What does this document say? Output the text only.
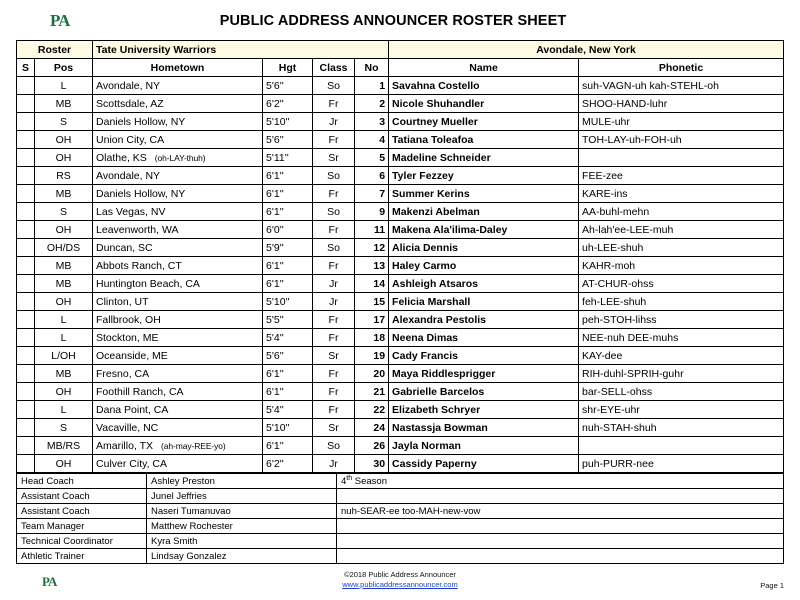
PA	PUBLIC ADDRESS ANNOUNCER ROSTER SHEET
Roster		Tate University Warriors				Avondale, New York	
S	Pos	Hometown	Hgt	Class	No	Name	Phonetic
	L	Avondale, NY	5'6''	So	1	Savahna Costello	suh-VAGN-uh kah-STEHL-oh
	MB	Scottsdale, AZ	6'2''	Fr	2	Nicole Shuhandler	SHOO-HAND-luhr
	S	Daniels Hollow, NY	5'10''	Jr	3	Courtney Mueller	MULE-uhr
	OH	Union City, CA	5'6''	Fr	4	Tatiana Toleafoa	TOH-LAY-uh-FOH-uh
	OH	Olathe, KS (oh-LAY-thuh)	5'11''	Sr	5	Madeline Schneider	
	RS	Avondale, NY	6'1''	So	6	Tyler Fezzey	FEE-zee
	MB	Daniels Hollow, NY	6'1''	Fr	7	Summer Kerins	KARE-ins
	S	Las Vegas, NV	6'1''	So	9	Makenzi Abelman	AA-buhl-mehn
	OH	Leavenworth, WA	6'0''	Fr	11	Makena Ala'ilima-Daley	Ah-lah'ee-LEE-muh
	OH/DS	Duncan, SC	5'9''	So	12	Alicia Dennis	uh-LEE-shuh
	MB	Abbots Ranch, CT	6'1''	Fr	13	Haley Carmo	KAHR-moh
	MB	Huntington Beach, CA	6'1''	Jr	14	Ashleigh Atsaros	AT-CHUR-ohss
	OH	Clinton, UT	5'10''	Jr	15	Felicia Marshall	feh-LEE-shuh
	L	Fallbrook, OH	5'5''	Fr	17	Alexandra Pestolis	peh-STOH-lihss
	L	Stockton, ME	5'4''	Fr	18	Neena Dimas	NEE-nuh DEE-muhs
	L/OH	Oceanside, ME	5'6''	Sr	19	Cady Francis	KAY-dee
	MB	Fresno, CA	6'1''	Fr	20	Maya Riddlesprigger	RIH-duhl-SPRIH-guhr
	OH	Foothill Ranch, CA	6'1''	Fr	21	Gabrielle Barcelos	bar-SELL-ohss
	L	Dana Point, CA	5'4''	Fr	22	Elizabeth Schryer	shr-EYE-uhr
	S	Vacaville, NC	5'10''	Sr	24	Nastassja Bowman	nuh-STAH-shuh
	MB/RS	Amarillo, TX (ah-may-REE-yo)	6'1''	So	26	Jayla Norman	
	OH	Culver City, CA	6'2''	Jr	30	Cassidy Paperny	puh-PURR-nee
Head Coach	Ashley Preston	4th Season
Assistant Coach	Junel Jeffries	
Assistant Coach	Naseri Tumanuvao	nuh-SEAR-ee too-MAH-new-vow
Team Manager	Matthew Rochester	
Technical Coordinator	Kyra Smith	
Athletic Trainer	Lindsay Gonzalez	
PA	©2018 Public Address Announcer
www.publicaddressannouncer.com	Page 1
